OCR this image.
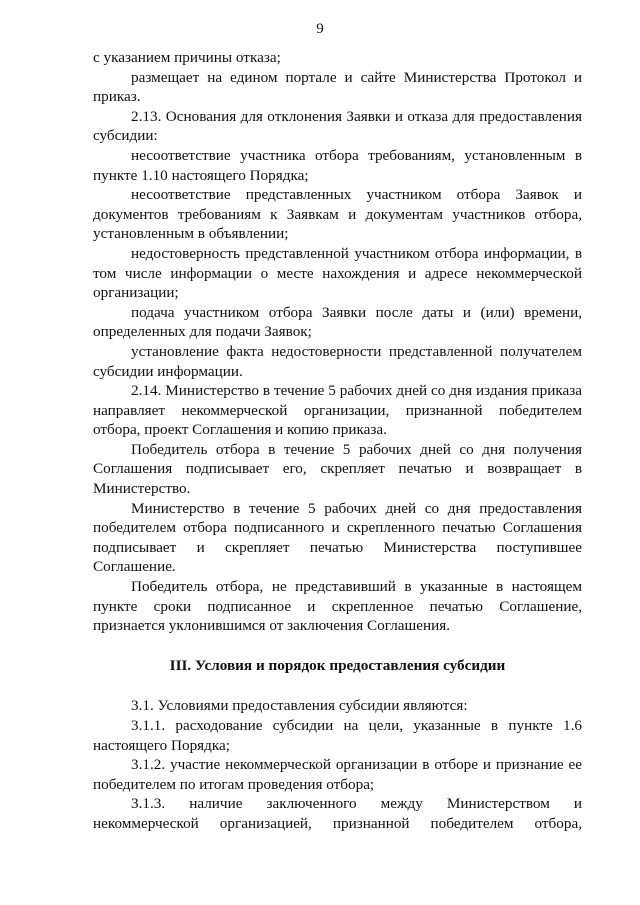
9

с указанием причины отказа;

размещает на едином портале и сайте Министерства Протокол и приказ.

2.13. Основания для отклонения Заявки и отказа для предоставления субсидии:

несоответствие участника отбора требованиям, установленным в пункте 1.10 настоящего Порядка;

несоответствие представленных участником отбора Заявок и документов требованиям к Заявкам и документам участников отбора, установленным в объявлении;

недостоверность представленной участником отбора информации, в том числе информации о месте нахождения и адресе некоммерческой организации;

подача участником отбора Заявки после даты и (или) времени, определенных для подачи Заявок;

установление факта недостоверности представленной получателем субсидии информации.

2.14. Министерство в течение 5 рабочих дней со дня издания приказа направляет некоммерческой организации, признанной победителем отбора, проект Соглашения и копию приказа.

Победитель отбора в течение 5 рабочих дней со дня получения Соглашения подписывает его, скрепляет печатью и возвращает в Министерство.

Министерство в течение 5 рабочих дней со дня предоставления победителем отбора подписанного и скрепленного печатью Соглашения подписывает и скрепляет печатью Министерства поступившее Соглашение.

Победитель отбора, не представивший в указанные в настоящем пункте сроки подписанное и скрепленное печатью Соглашение, признается уклонившимся от заключения Соглашения.

III. Условия и порядок предоставления субсидии

3.1. Условиями предоставления субсидии являются:

3.1.1. расходование субсидии на цели, указанные в пункте 1.6 настоящего Порядка;

3.1.2. участие некоммерческой организации в отборе и признание ее победителем по итогам проведения отбора;

3.1.3. наличие заключенного между Министерством и некоммерческой организацией, признанной победителем отбора,
